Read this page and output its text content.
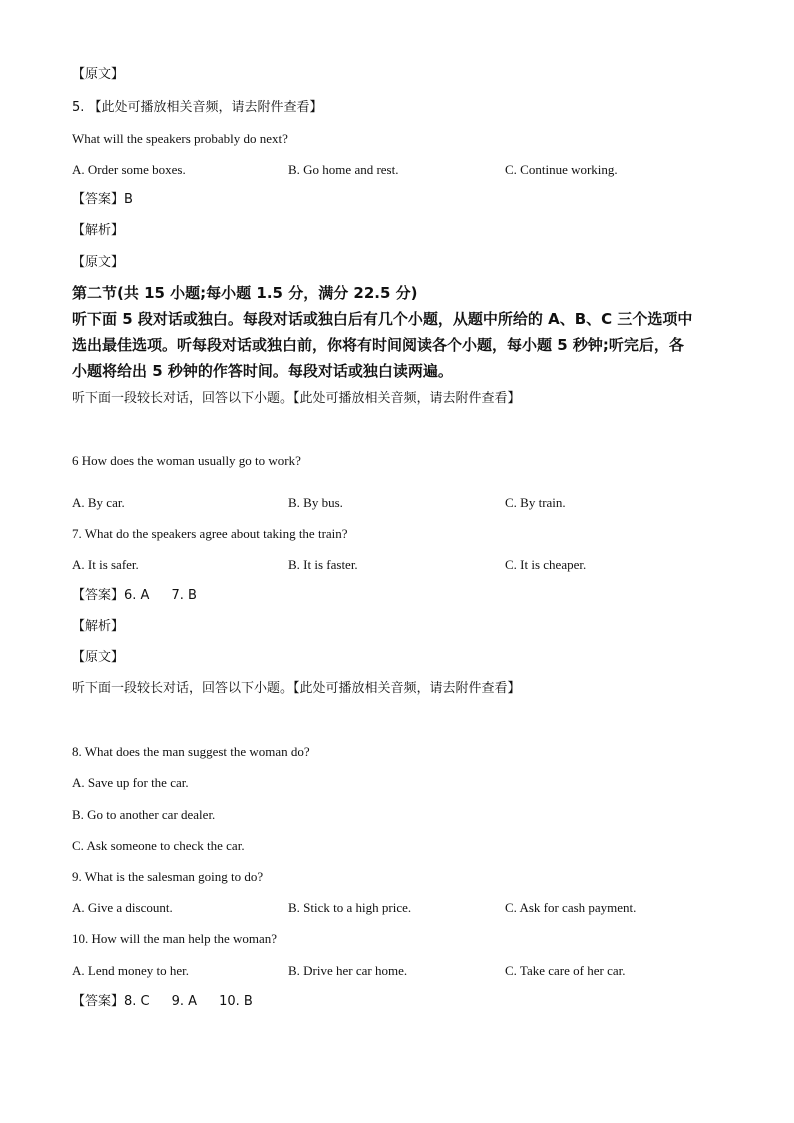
【原文】
5. 【此处可播放相关音频，请去附件查看】
What will the speakers probably do next?
A. Order some boxes.	B. Go home and rest.	C. Continue working.
【答案】B
【解析】
【原文】
第二节(共 15 小题;每小题 1.5 分，满分 22.5 分)
听下面 5 段对话或独白。每段对话或独白后有几个小题，从题中所给的 A、B、C 三个选项中
选出最佳选项。听每段对话或独白前，你将有时间阅读各个小题，每小题 5 秒钟;听完后，各
小题将给出 5 秒钟的作答时间。每段对话或独白读两遍。
听下面一段较长对话，回答以下小题。【此处可播放相关音频，请去附件查看】
6 How does the woman usually go to work?
A. By car.	B. By bus.	C. By train.
7. What do the speakers agree about taking the train?
A. It is safer.	B. It is faster.	C. It is cheaper.
【答案】6. A 7. B
【解析】
【原文】
听下面一段较长对话，回答以下小题。【此处可播放相关音频，请去附件查看】
8. What does the man suggest the woman do?
A. Save up for the car.
B. Go to another car dealer.
C. Ask someone to check the car.
9. What is the salesman going to do?
A. Give a discount.	B. Stick to a high price.	C. Ask for cash payment.
10. How will the man help the woman?
A. Lend money to her.	B. Drive her car home.	C. Take care of her car.
【答案】8. C 9. A 10. B
